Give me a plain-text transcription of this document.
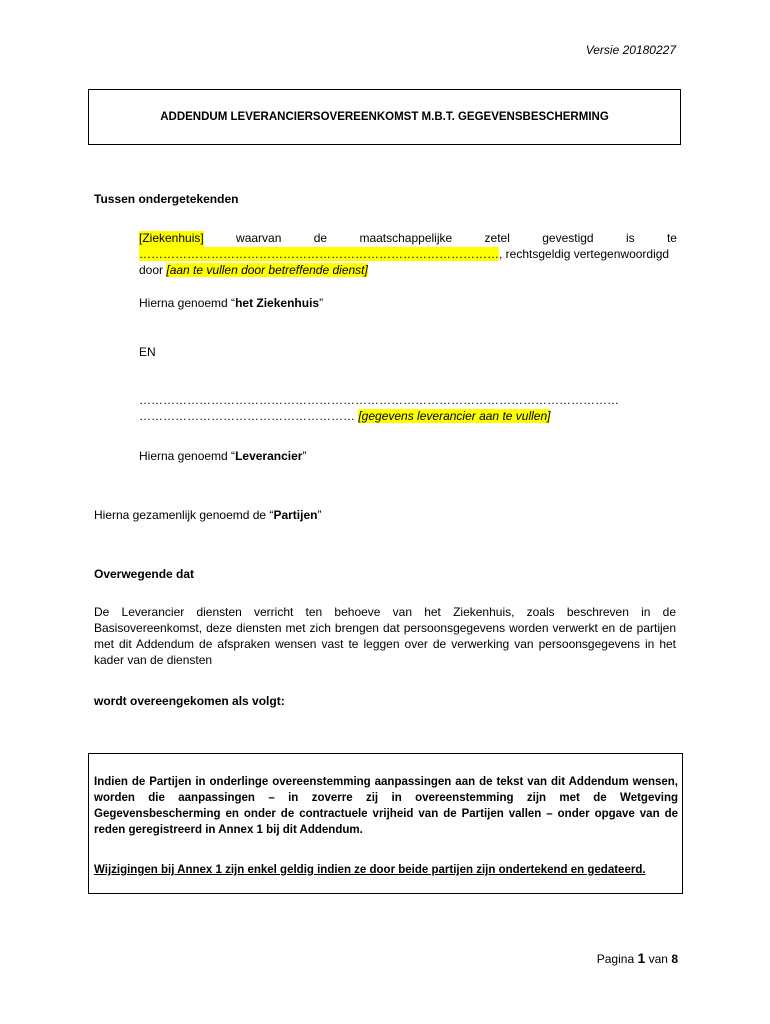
Versie 20180227
ADDENDUM LEVERANCIERSOVEREENKOMST M.B.T. GEGEVENSBESCHERMING
Tussen ondergetekenden
[Ziekenhuis]	waarvan	de	maatschappelijke	zetel	gevestigd	is	te
………………………………………………………………………………, rechtsgeldig vertegenwoordigd
door [aan te vullen door betreffende dienst]
Hierna genoemd “het Ziekenhuis”
EN
…………………………………………………………………………………………………………
……………………………………………… [gegevens leverancier aan te vullen]
Hierna genoemd “Leverancier”
Hierna gezamenlijk genoemd de “Partijen”
Overwegende dat
De Leverancier diensten verricht ten behoeve van het Ziekenhuis, zoals beschreven in de Basisovereenkomst, deze diensten met zich brengen dat persoonsgegevens worden verwerkt en de partijen met dit Addendum de afspraken wensen vast te leggen over de verwerking van persoonsgegevens in het kader van de diensten
wordt overeengekomen als volgt:
Indien de Partijen in onderlinge overeenstemming aanpassingen aan de tekst van dit Addendum wensen, worden die aanpassingen – in zoverre zij in overeenstemming zijn met de Wetgeving Gegevensbescherming en onder de contractuele vrijheid van de Partijen vallen – onder opgave van de reden geregistreerd in Annex 1 bij dit Addendum.
Wijzigingen bij Annex 1 zijn enkel geldig indien ze door beide partijen zijn ondertekend en gedateerd.
Pagina 1 van 8
